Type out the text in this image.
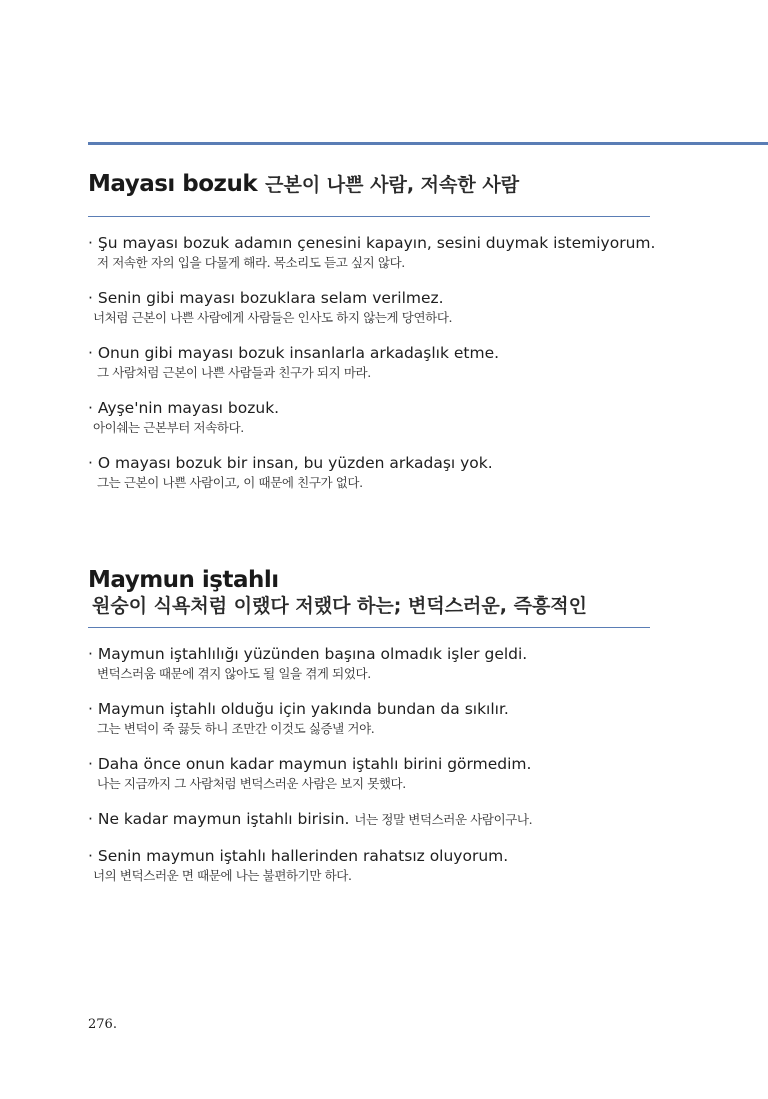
Mayası bozuk 근본이 나쁜 사람, 저속한 사람
· Şu mayası bozuk adamın çenesini kapayın, sesini duymak istemiyorum.
저 저속한 자의 입을 다물게 해라. 목소리도 듣고 싶지 않다.
· Senin gibi mayası bozuklara selam verilmez.
너처럼 근본이 나쁜 사람에게 사람들은 인사도 하지 않는게 당연하다.
· Onun gibi mayası bozuk insanlarla arkadaşlık etme.
그 사람처럼 근본이 나쁜 사람들과 친구가 되지 마라.
· Ayşe'nin mayası bozuk.
아이쉐는 근본부터 저속하다.
· O mayası bozuk bir insan, bu yüzden arkadaşı yok.
그는 근본이 나쁜 사람이고, 이 때문에 친구가 없다.
Maymun iştahlı
원숭이 식욕처럼 이랬다 저랬다 하는; 변덕스러운, 즉흥적인
· Maymun iştahlılığı yüzünden başına olmadık işler geldi.
변덕스러움 때문에 겪지 않아도 될 일을 겪게 되었다.
· Maymun iştahlı olduğu için yakında bundan da sıkılır.
그는 변덕이 죽 끓듯 하니 조만간 이것도 싫증낼 거야.
· Daha önce onun kadar maymun iştahlı birini görmedim.
나는 지금까지 그 사람처럼 변덕스러운 사람은 보지 못했다.
· Ne kadar maymun iştahlı birisin. 너는 정말 변덕스러운 사람이구나.
· Senin maymun iştahlı hallerinden rahatsız oluyorum.
너의 변덕스러운 면 때문에 나는 불편하기만 하다.
276.
